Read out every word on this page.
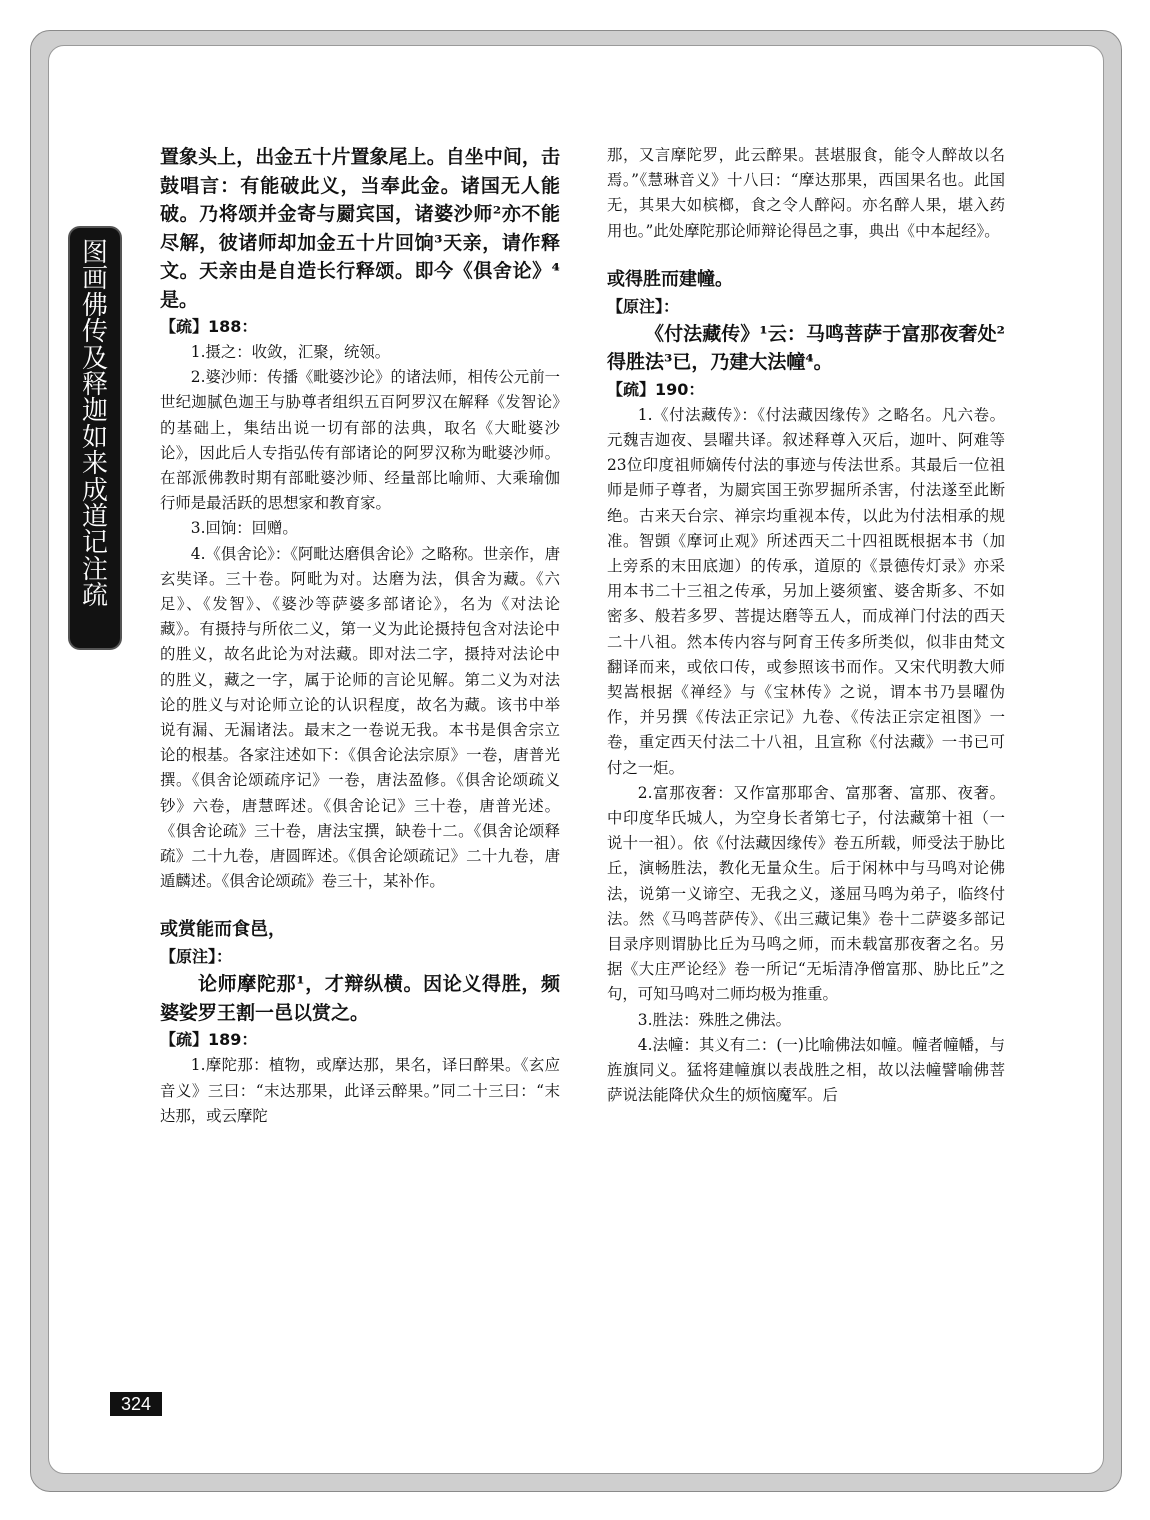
图
画
佛
传
及
释
迦
如
来
成
道
记
注
疏

置象头上，出金五十片置象尾上。自坐中间，击鼓唱言：有能破此义，当奉此金。诸国无人能破。乃将颂并金寄与罽宾国，诸婆沙师²亦不能尽解，彼诸师却加金五十片回饷³天亲，请作释文。天亲由是自造长行释颂。即今《俱舍论》⁴是。

【疏】188：

1.摄之：收敛，汇聚，统领。

2.婆沙师：传播《毗婆沙论》的诸法师，相传公元前一世纪迦腻色迦王与胁尊者组织五百阿罗汉在解释《发智论》的基础上，集结出说一切有部的法典，取名《大毗婆沙论》，因此后人专指弘传有部诸论的阿罗汉称为毗婆沙师。在部派佛教时期有部毗婆沙师、经量部比喻师、大乘瑜伽行师是最活跃的思想家和教育家。

3.回饷：回赠。

4.《俱舍论》：《阿毗达磨俱舍论》之略称。世亲作，唐玄奘译。三十卷。阿毗为对。达磨为法，俱舍为藏。《六足》、《发智》、《婆沙等萨婆多部诸论》，名为《对法论藏》。有摄持与所依二义，第一义为此论摄持包含对法论中的胜义，故名此论为对法藏。即对法二字，摄持对法论中的胜义，藏之一字，属于论师的言论见解。第二义为对法论的胜义与对论师立论的认识程度，故名为藏。该书中举说有漏、无漏诸法。最末之一卷说无我。本书是俱舍宗立论的根基。各家注述如下：《俱舍论法宗原》一卷，唐普光撰。《俱舍论颂疏序记》一卷，唐法盈修。《俱舍论颂疏义钞》六卷，唐慧晖述。《俱舍论记》三十卷，唐普光述。《俱舍论疏》三十卷，唐法宝撰，缺卷十二。《俱舍论颂释疏》二十九卷，唐圆晖述。《俱舍论颂疏记》二十九卷，唐遁麟述。《俱舍论颂疏》卷三十，某补作。

或赏能而食邑，

【原注】：

论师摩陀那¹，才辩纵横。因论义得胜，频婆娑罗王割一邑以赏之。

【疏】189：

1.摩陀那：植物，或摩达那，果名，译曰醉果。《玄应音义》三曰：“末达那果，此译云醉果。”同二十三曰：“末达那，或云摩陀

那，又言摩陀罗，此云醉果。甚堪服食，能令人醉故以名焉。”《慧琳音义》十八曰：“摩达那果，西国果名也。此国无，其果大如槟榔，食之令人醉闷。亦名醉人果，堪入药用也。”此处摩陀那论师辩论得邑之事，典出《中本起经》。

或得胜而建幢。

【原注】：

《付法藏传》¹云：马鸣菩萨于富那夜奢处²得胜法³已，乃建大法幢⁴。

【疏】190：

1.《付法藏传》：《付法藏因缘传》之略名。凡六卷。元魏吉迦夜、昙曜共译。叙述释尊入灭后，迦叶、阿难等23位印度祖师嫡传付法的事迹与传法世系。其最后一位祖师是师子尊者，为罽宾国王弥罗掘所杀害，付法遂至此断绝。古来天台宗、禅宗均重视本传，以此为付法相承的规准。智顗《摩诃止观》所述西天二十四祖既根据本书（加上旁系的末田底迦）的传承，道原的《景德传灯录》亦采用本书二十三祖之传承，另加上婆须蜜、婆舍斯多、不如密多、般若多罗、菩提达磨等五人，而成禅门付法的西天二十八祖。然本传内容与阿育王传多所类似，似非由梵文翻译而来，或依口传，或参照该书而作。又宋代明教大师契嵩根据《禅经》与《宝林传》之说，谓本书乃昙曜伪作，并另撰《传法正宗记》九卷、《传法正宗定祖图》一卷，重定西天付法二十八祖，且宣称《付法藏》一书已可付之一炬。

2.富那夜奢：又作富那耶舍、富那奢、富那、夜奢。中印度华氏城人，为空身长者第七子，付法藏第十祖（一说十一祖）。依《付法藏因缘传》卷五所载，师受法于胁比丘，演畅胜法，教化无量众生。后于闲林中与马鸣对论佛法，说第一义谛空、无我之义，遂屈马鸣为弟子，临终付法。然《马鸣菩萨传》、《出三藏记集》卷十二萨婆多部记目录序则谓胁比丘为马鸣之师，而未载富那夜奢之名。另据《大庄严论经》卷一所记“无垢清净僧富那、胁比丘”之句，可知马鸣对二师均极为推重。

3.胜法：殊胜之佛法。

4.法幢：其义有二：(一)比喻佛法如幢。幢者幢幡，与旌旗同义。猛将建幢旗以表战胜之相，故以法幢譬喻佛菩萨说法能降伏众生的烦恼魔军。后

324
